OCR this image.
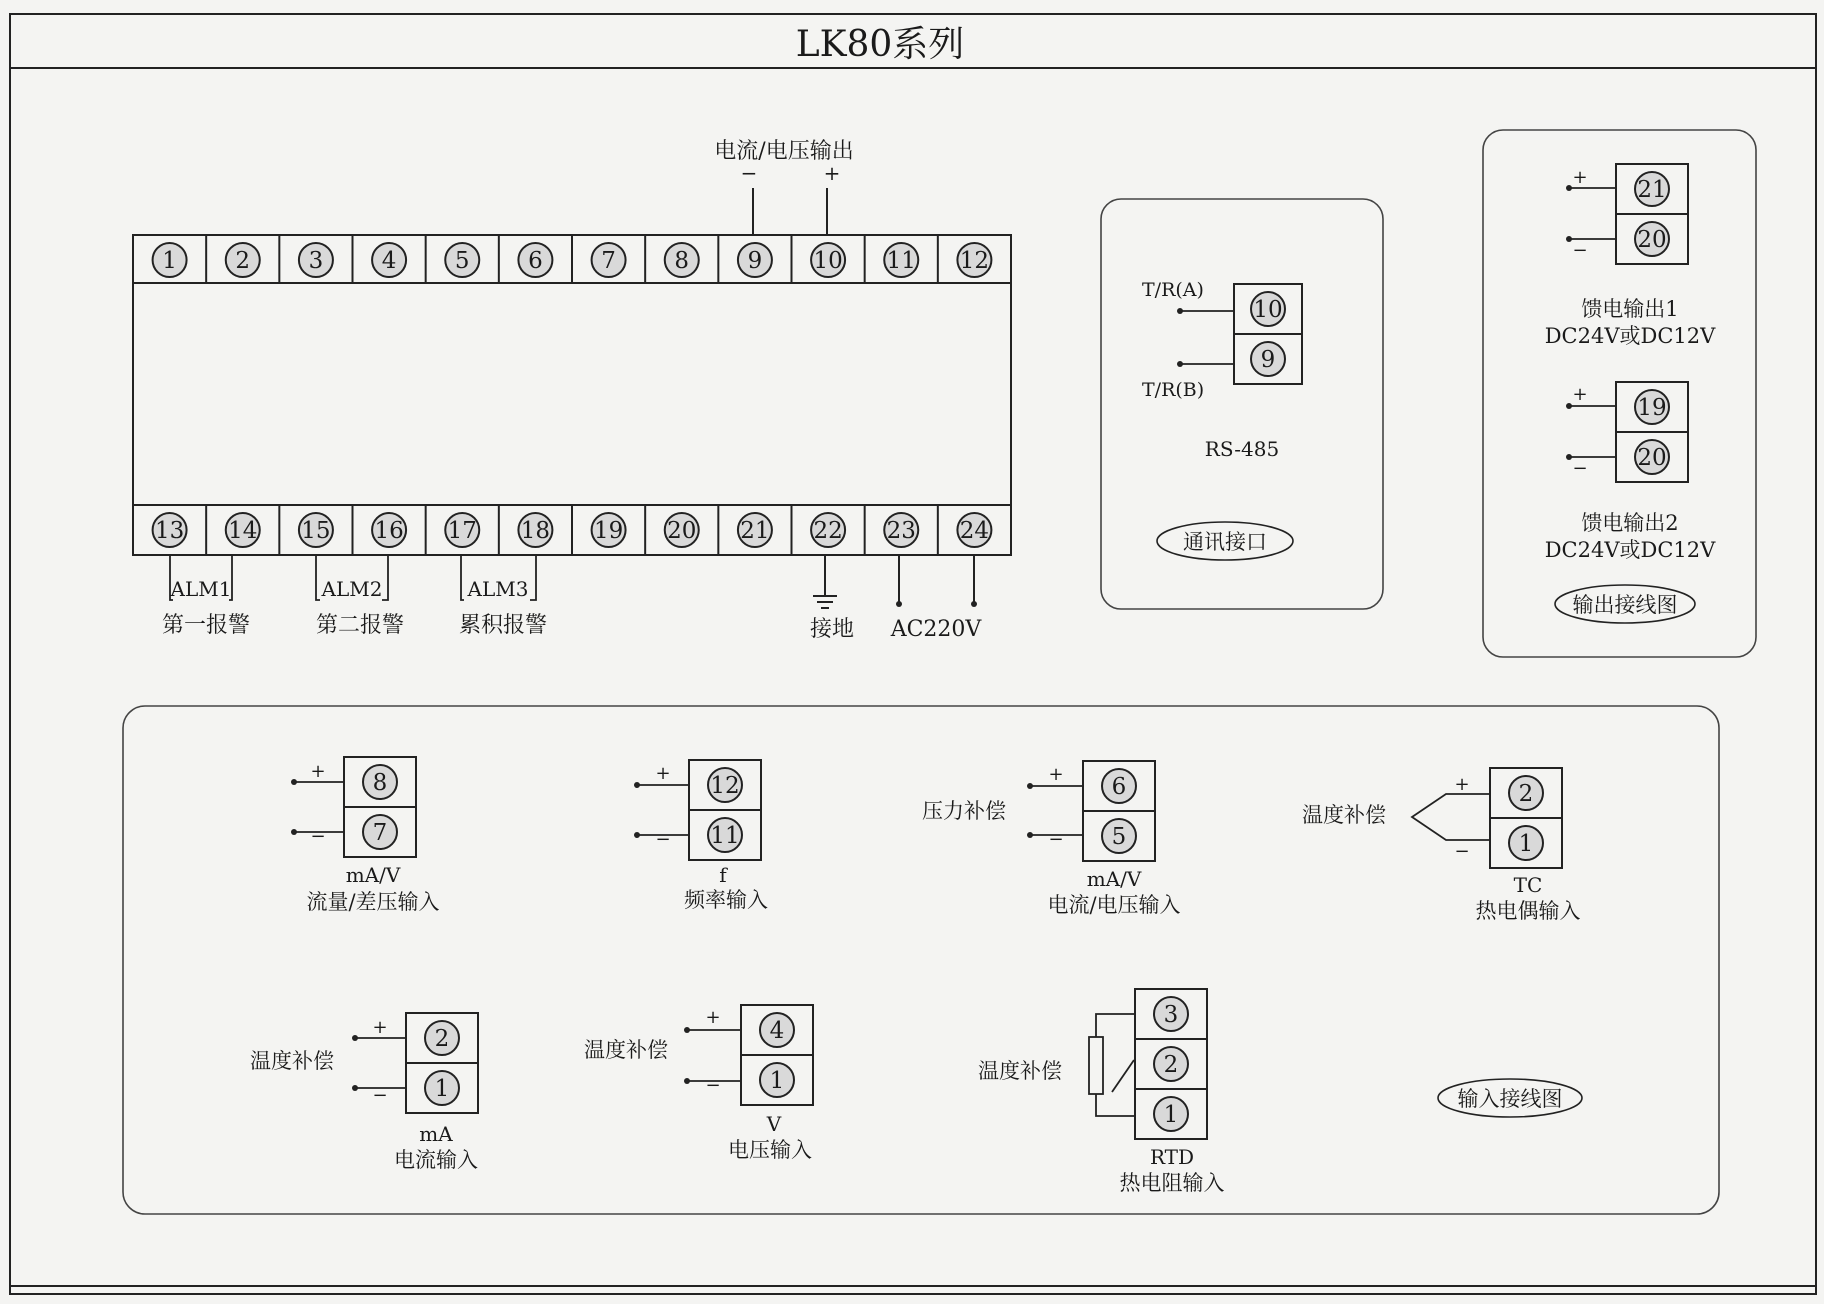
LK80系列
1	2	3	4	5	6	7	8	9 10 11 12
13 14 15 16 17 18 19 20 21 22 23 24
电流/电压输出
−	+
ALM1
第一报警
ALM2
第二报警
ALM3
累积报警	接地 AC220V
T/R(A)
T/R(B)
10
9
RS-485
通讯接口
21
20
+
−
馈电输出1
DC24V或DC12V
19
20
+
−
馈电输出2
DC24V或DC12V
输出接线图
8
7
+
−
mA/V
流量/差压输入
12
11
+
−
f
频率输入
6
5
压力补偿
+
−
mA/V
电流/电压输入
2
1
温度补偿
+
−
TC
热电偶输入
2
1
温度补偿
+
−
mA
电流输入
4
1
温度补偿
+
−
V
电压输入
3
2
1
温度补偿
RTD
热电阻输入
输入接线图
